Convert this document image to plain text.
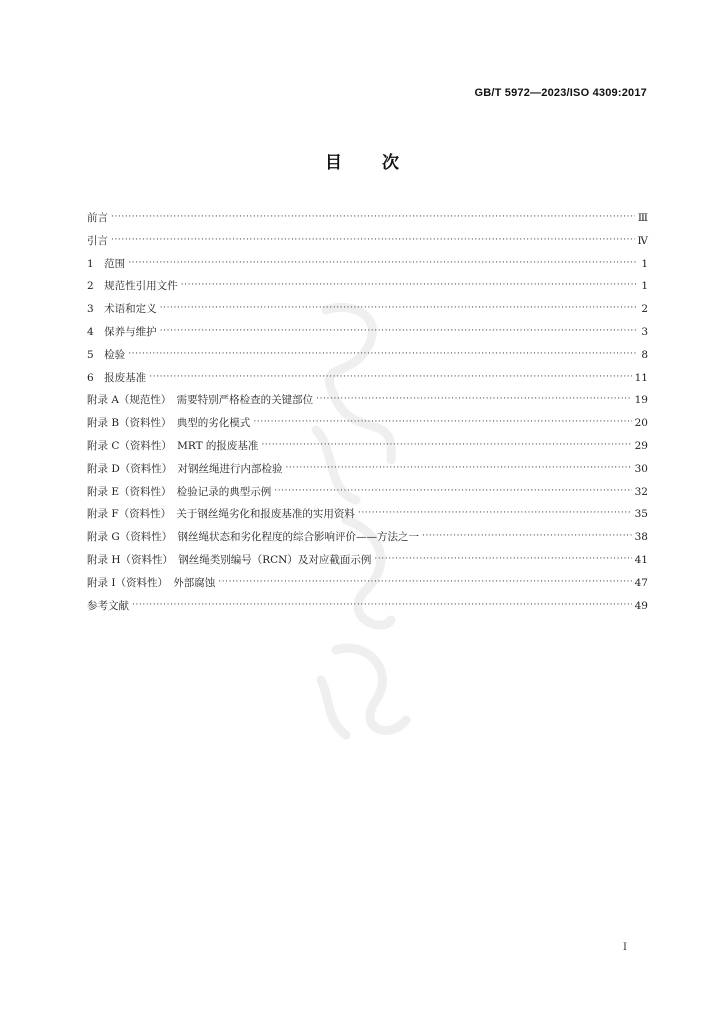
GB/T 5972—2023/ISO 4309:2017
目 次
前言 ·····	Ⅲ
引言 ·····	Ⅳ
1　范围 ·····	1
2　规范性引用文件 ·····	1
3　术语和定义 ·····	2
4　保养与维护 ·····	3
5　检验 ·····	8
6　报废基准 ·····	11
附录 A（规范性）　需要特别严格检查的关键部位 ·····	19
附录 B（资料性）　典型的劣化模式 ·····	20
附录 C（资料性）　MRT 的报废基准 ·····	29
附录 D（资料性）　对钢丝绳进行内部检验 ·····	30
附录 E（资料性）　检验记录的典型示例 ·····	32
附录 F（资料性）　关于钢丝绳劣化和报废基准的实用资料 ·····	35
附录 G（资料性）　钢丝绳状态和劣化程度的综合影响评价——方法之一 ·····	38
附录 H（资料性）　钢丝绳类别编号（RCN）及对应截面示例 ·····	41
附录 I（资料性）　外部腐蚀 ·····	47
参考文献 ·····	49
I
